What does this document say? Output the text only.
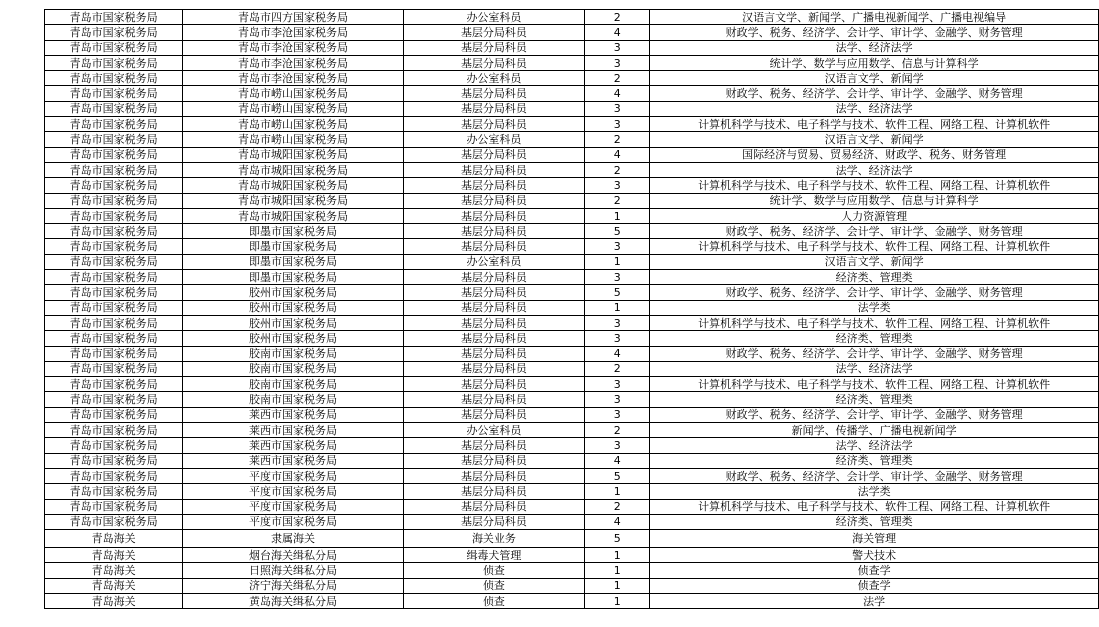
青岛市国家税务局	青岛市四方国家税务局	办公室科员	2	汉语言文学、新闻学、广播电视新闻学、广播电视编导
青岛市国家税务局	青岛市李沧国家税务局	基层分局科员	4	财政学、税务、经济学、会计学、审计学、金融学、财务管理
青岛市国家税务局	青岛市李沧国家税务局	基层分局科员	3	法学、经济法学
青岛市国家税务局	青岛市李沧国家税务局	基层分局科员	3	统计学、数学与应用数学、信息与计算科学
青岛市国家税务局	青岛市李沧国家税务局	办公室科员	2	汉语言文学、新闻学
青岛市国家税务局	青岛市崂山国家税务局	基层分局科员	4	财政学、税务、经济学、会计学、审计学、金融学、财务管理
青岛市国家税务局	青岛市崂山国家税务局	基层分局科员	3	法学、经济法学
青岛市国家税务局	青岛市崂山国家税务局	基层分局科员	3	计算机科学与技术、电子科学与技术、软件工程、网络工程、计算机软件
青岛市国家税务局	青岛市崂山国家税务局	办公室科员	2	汉语言文学、新闻学
青岛市国家税务局	青岛市城阳国家税务局	基层分局科员	4	国际经济与贸易、贸易经济、财政学、税务、财务管理
青岛市国家税务局	青岛市城阳国家税务局	基层分局科员	2	法学、经济法学
青岛市国家税务局	青岛市城阳国家税务局	基层分局科员	3	计算机科学与技术、电子科学与技术、软件工程、网络工程、计算机软件
青岛市国家税务局	青岛市城阳国家税务局	基层分局科员	2	统计学、数学与应用数学、信息与计算科学
青岛市国家税务局	青岛市城阳国家税务局	基层分局科员	1	人力资源管理
青岛市国家税务局	即墨市国家税务局	基层分局科员	5	财政学、税务、经济学、会计学、审计学、金融学、财务管理
青岛市国家税务局	即墨市国家税务局	基层分局科员	3	计算机科学与技术、电子科学与技术、软件工程、网络工程、计算机软件
青岛市国家税务局	即墨市国家税务局	办公室科员	1	汉语言文学、新闻学
青岛市国家税务局	即墨市国家税务局	基层分局科员	3	经济类、管理类
青岛市国家税务局	胶州市国家税务局	基层分局科员	5	财政学、税务、经济学、会计学、审计学、金融学、财务管理
青岛市国家税务局	胶州市国家税务局	基层分局科员	1	法学类
青岛市国家税务局	胶州市国家税务局	基层分局科员	3	计算机科学与技术、电子科学与技术、软件工程、网络工程、计算机软件
青岛市国家税务局	胶州市国家税务局	基层分局科员	3	经济类、管理类
青岛市国家税务局	胶南市国家税务局	基层分局科员	4	财政学、税务、经济学、会计学、审计学、金融学、财务管理
青岛市国家税务局	胶南市国家税务局	基层分局科员	2	法学、经济法学
青岛市国家税务局	胶南市国家税务局	基层分局科员	3	计算机科学与技术、电子科学与技术、软件工程、网络工程、计算机软件
青岛市国家税务局	胶南市国家税务局	基层分局科员	3	经济类、管理类
青岛市国家税务局	莱西市国家税务局	基层分局科员	3	财政学、税务、经济学、会计学、审计学、金融学、财务管理
青岛市国家税务局	莱西市国家税务局	办公室科员	2	新闻学、传播学、广播电视新闻学
青岛市国家税务局	莱西市国家税务局	基层分局科员	3	法学、经济法学
青岛市国家税务局	莱西市国家税务局	基层分局科员	4	经济类、管理类
青岛市国家税务局	平度市国家税务局	基层分局科员	5	财政学、税务、经济学、会计学、审计学、金融学、财务管理
青岛市国家税务局	平度市国家税务局	基层分局科员	1	法学类
青岛市国家税务局	平度市国家税务局	基层分局科员	2	计算机科学与技术、电子科学与技术、软件工程、网络工程、计算机软件
青岛市国家税务局	平度市国家税务局	基层分局科员	4	经济类、管理类
青岛海关	隶属海关	海关业务	5	海关管理
青岛海关	烟台海关缉私分局	缉毒犬管理	1	警犬技术
青岛海关	日照海关缉私分局	侦查	1	侦查学
青岛海关	济宁海关缉私分局	侦查	1	侦查学
青岛海关	黄岛海关缉私分局	侦查	1	法学
